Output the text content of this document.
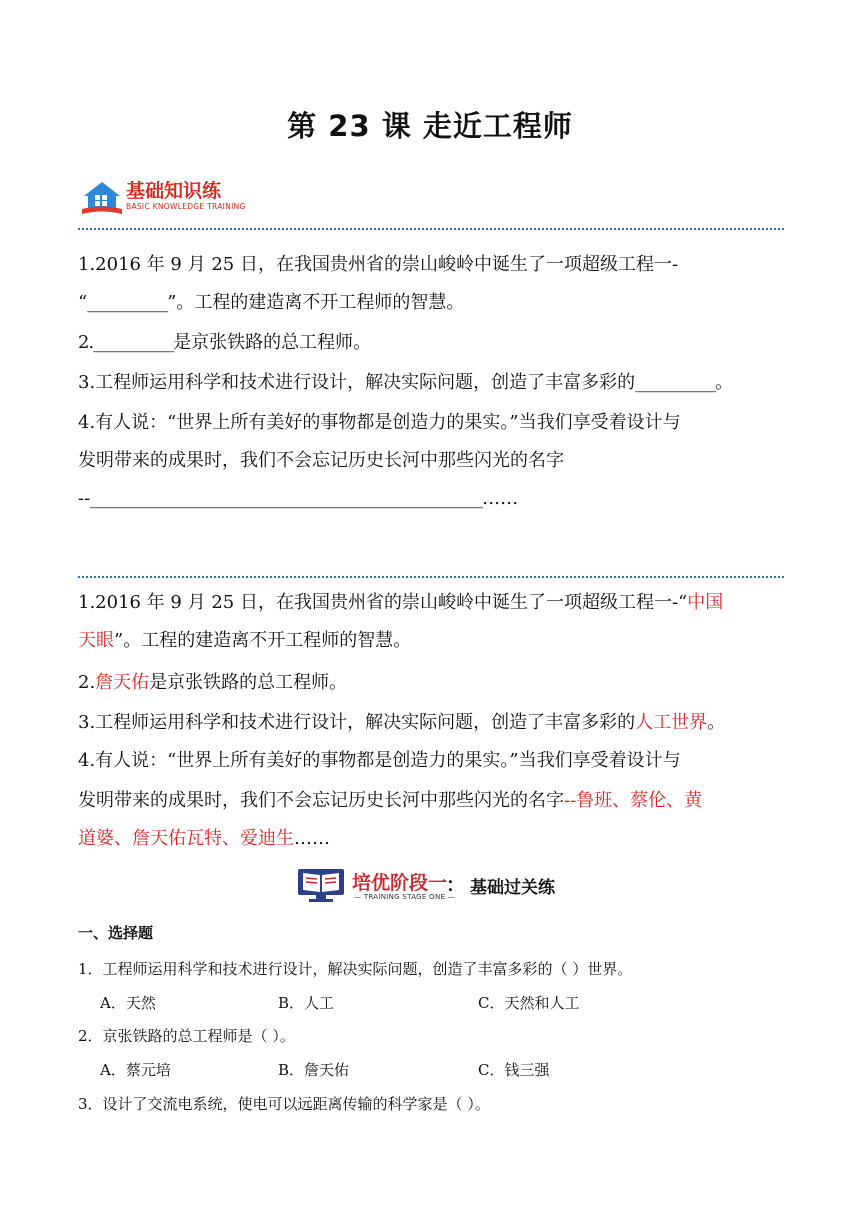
第 23 课 走近工程师
基础知识练
BASIC KNOWLEDGE TRAINING
1.2016 年 9 月 25 日，在我国贵州省的崇山峻岭中诞生了一项超级工程一-
“__________”。工程的建造离不开工程师的智慧。
2.__________是京张铁路的总工程师。
3.工程师运用科学和技术进行设计，解决实际问题，创造了丰富多彩的__________。
4.有人说：“世界上所有美好的事物都是创造力的果实。”当我们享受着设计与
发明带来的成果时，我们不会忘记历史长河中那些闪光的名字
--_________________________________________________……
1.2016 年 9 月 25 日，在我国贵州省的崇山峻岭中诞生了一项超级工程一-“中国
天眼”。工程的建造离不开工程师的智慧。
2.詹天佑是京张铁路的总工程师。
3.工程师运用科学和技术进行设计，解决实际问题，创造了丰富多彩的人工世界。
4.有人说：“世界上所有美好的事物都是创造力的果实。”当我们享受着设计与
发明带来的成果时，我们不会忘记历史长河中那些闪光的名字--鲁班、蔡伦、黄
道婆、詹天佑瓦特、爱迪生……
培优阶段一
— TRAINING STAGE ONE —
： 基础过关练
一、选择题
1．工程师运用科学和技术进行设计，解决实际问题，创造了丰富多彩的（ ）世界。
A．天然	B．人工	C．天然和人工
2．京张铁路的总工程师是（ ）。
A．蔡元培	B．詹天佑	C．钱三强
3．设计了交流电系统，使电可以远距离传输的科学家是（ ）。
